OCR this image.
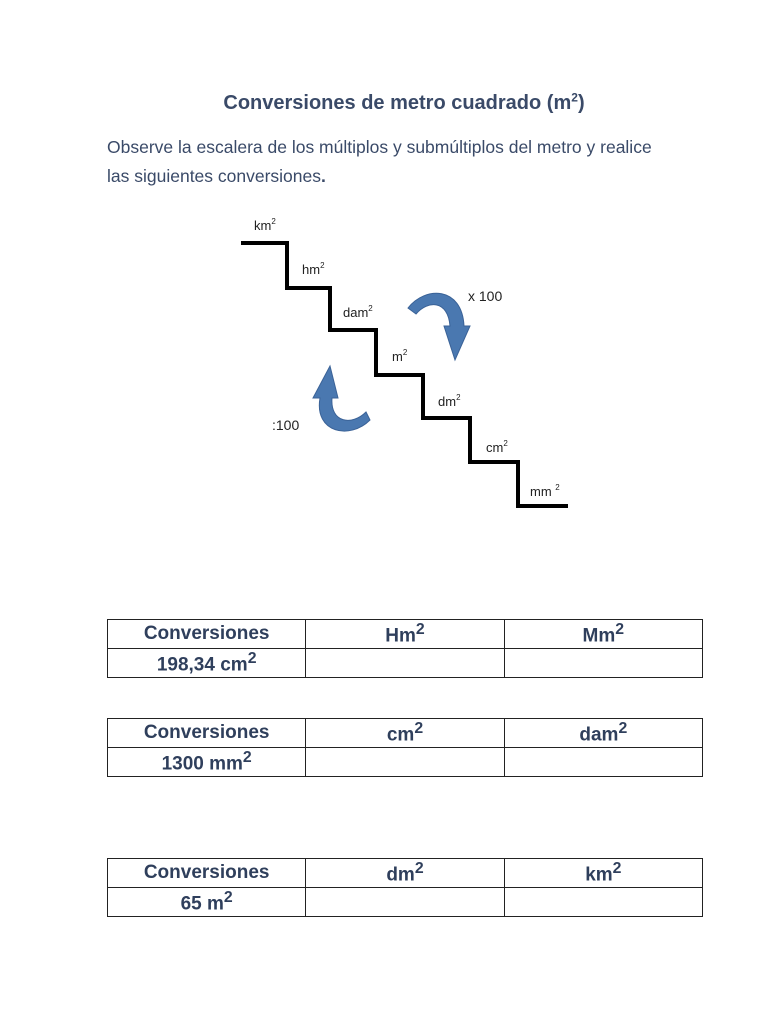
Conversiones de metro cuadrado $(m^2)$
Observe la escalera de los múltiplos y submúltiplos del metro y realice
las siguientes conversiones.
$km^2$
$hm^2$
dam$^2$
$m^2$
$dm^2$
$cm^2$
mm $^2$
x 100
:100
Conversiones	Hm$^2$	Mm$^2$
198,34 $cm^2$		
Conversiones	$cm^2$	dam$^2$
1300 $mm^2$		
Conversiones	$dm^2$	$km^2$
65 $m^2$		
